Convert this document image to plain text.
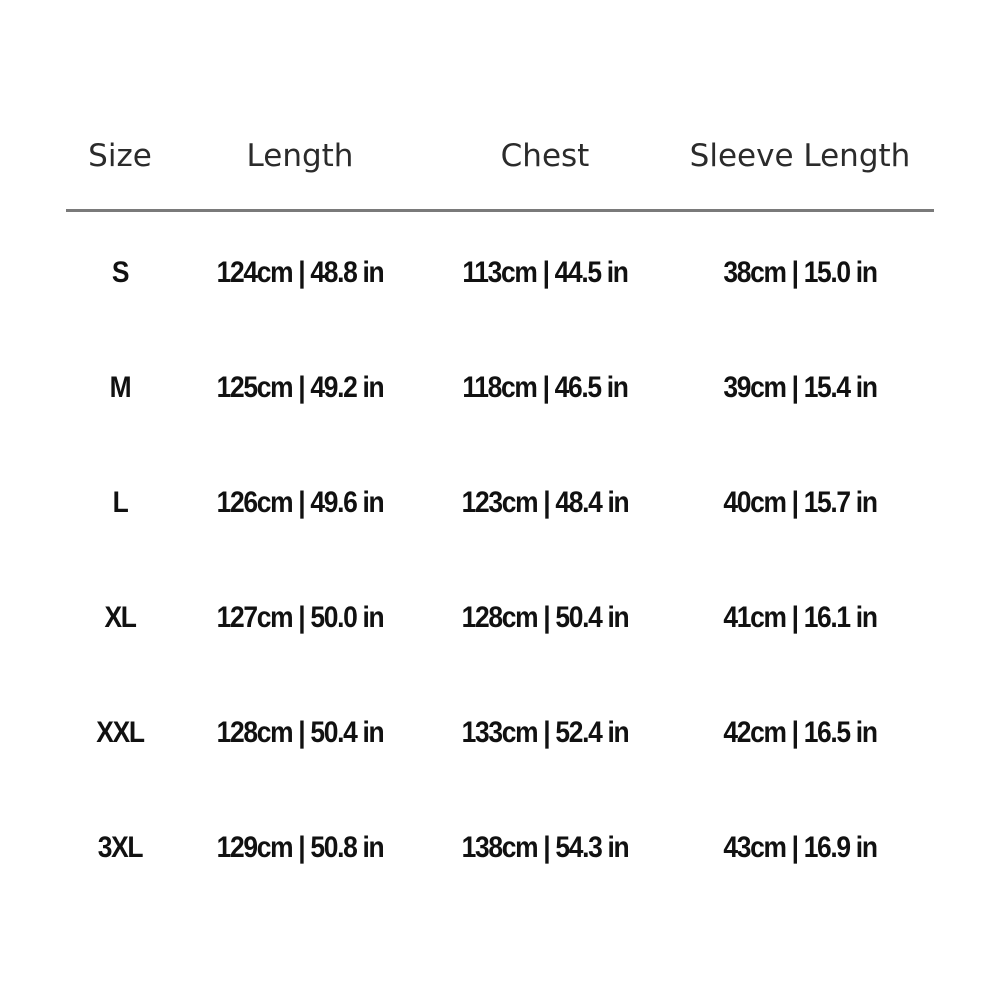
Size	Length	Chest	Sleeve Length
S	124cm | 48.8 in	113cm | 44.5 in	38cm | 15.0 in
M	125cm | 49.2 in	118cm | 46.5 in	39cm | 15.4 in
L	126cm | 49.6 in	123cm | 48.4 in	40cm | 15.7 in
XL	127cm | 50.0 in	128cm | 50.4 in	41cm | 16.1 in
XXL	128cm | 50.4 in	133cm | 52.4 in	42cm | 16.5 in
3XL	129cm | 50.8 in	138cm | 54.3 in	43cm | 16.9 in
